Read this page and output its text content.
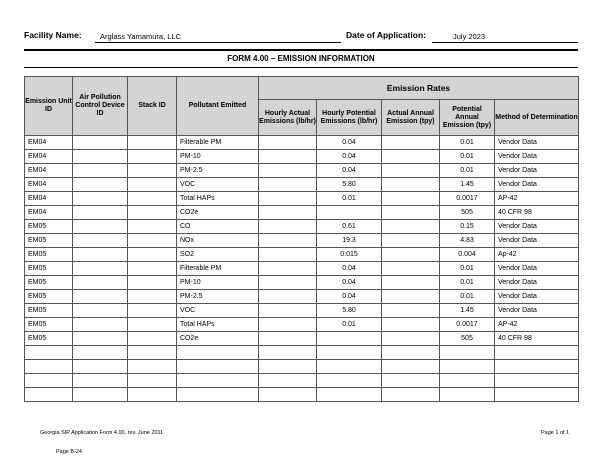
Facility Name: Arglass Yamamura, LLC	Date of Application:	July 2023
FORM 4.00 – EMISSION INFORMATION
Emission Unit ID	Air Pollution Control Device ID	Stack ID	Pollutant Emitted	Emission Rates				
				Hourly Actual Emissions (lb/hr)	Hourly Potential Emissions (lb/hr)	Actual Annual Emission (tpy)	Potential Annual Emission (tpy)	Method of Determination
EM04			Filterable PM		0.04		0.01	Vendor Data
EM04			PM-10		0.04		0.01	Vendor Data
EM04			PM-2.5		0.04		0.01	Vendor Data
EM04			VOC		5.80		1.45	Vendor Data
EM04			Total HAPs		0.01		0.0017	AP-42
EM04			CO2e				505	40 CFR 98
EM05			CO		0.61		0.15	Vendor Data
EM05			NOx		19.3		4.83	Vendor Data
EM05			SO2		0.015		0.004	Ap-42
EM05			Filterable PM		0.04		0.01	Vendor Data
EM05			PM-10		0.04		0.01	Vendor Data
EM05			PM-2.5		0.04		0.01	Vendor Data
EM05			VOC		5.80		1.45	Vendor Data
EM05			Total HAPs		0.01		0.0017	AP-42
EM05			CO2e				505	40 CFR 98

Georgia SIP Application Form 4.00, rev. June 2011	Page 1 of 1
Page B-24
